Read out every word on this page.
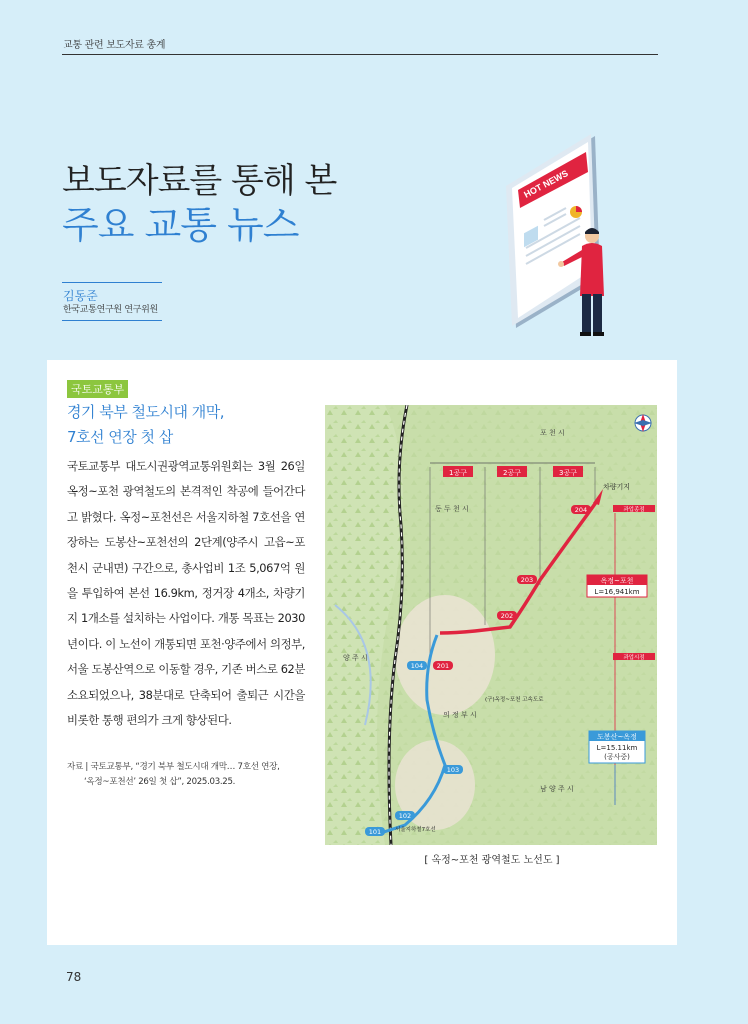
교통 관련 보도자료 총계
보도자료를 통해 본
주요 교통 뉴스
김동준
한국교통연구원 연구위원
HOT NEWS
국토교통부
경기 북부 철도시대 개막,
7호선 연장 첫 삽
국토교통부 대도시권광역교통위원회는 3월 26일 옥정~포천 광역철도의 본격적인 착공에 들어간다고 밝혔다. 옥정~포천선은 서울지하철 7호선을 연장하는 도봉산~포천선의 2단계(양주시 고읍~포천시 군내면) 구간으로, 총사업비 1조 5,067억 원을 투입하여 본선 16.9km, 정거장 4개소, 차량기지 1개소를 설치하는 사업이다. 개통 목표는 2030년이다. 이 노선이 개통되면 포천·양주에서 의정부, 서울 도봉산역으로 이동할 경우, 기존 버스로 62분 소요되었으나, 38분대로 단축되어 출퇴근 시간을 비롯한 통행 편의가 크게 향상된다.
자료 | 국토교통부, “경기 북부 철도시대 개막… 7호선 연장,
‘옥정~포천선’ 26일 첫 삽”, 2025.03.25.
1공구	2공구	3공구
차량기지
201
202
203
204
104
103
102
101
포 천 시
동 두 천 시
양 주 시
의 정 부 시
남 양 주 시
과업종점
과업시점
옥정~포천
L=16,941km
도봉산~옥정
L=15.11km
(공사중)
(구)옥정~포천 고속도로
서울지하철7호선
[ 옥정~포천 광역철도 노선도 ]
78
